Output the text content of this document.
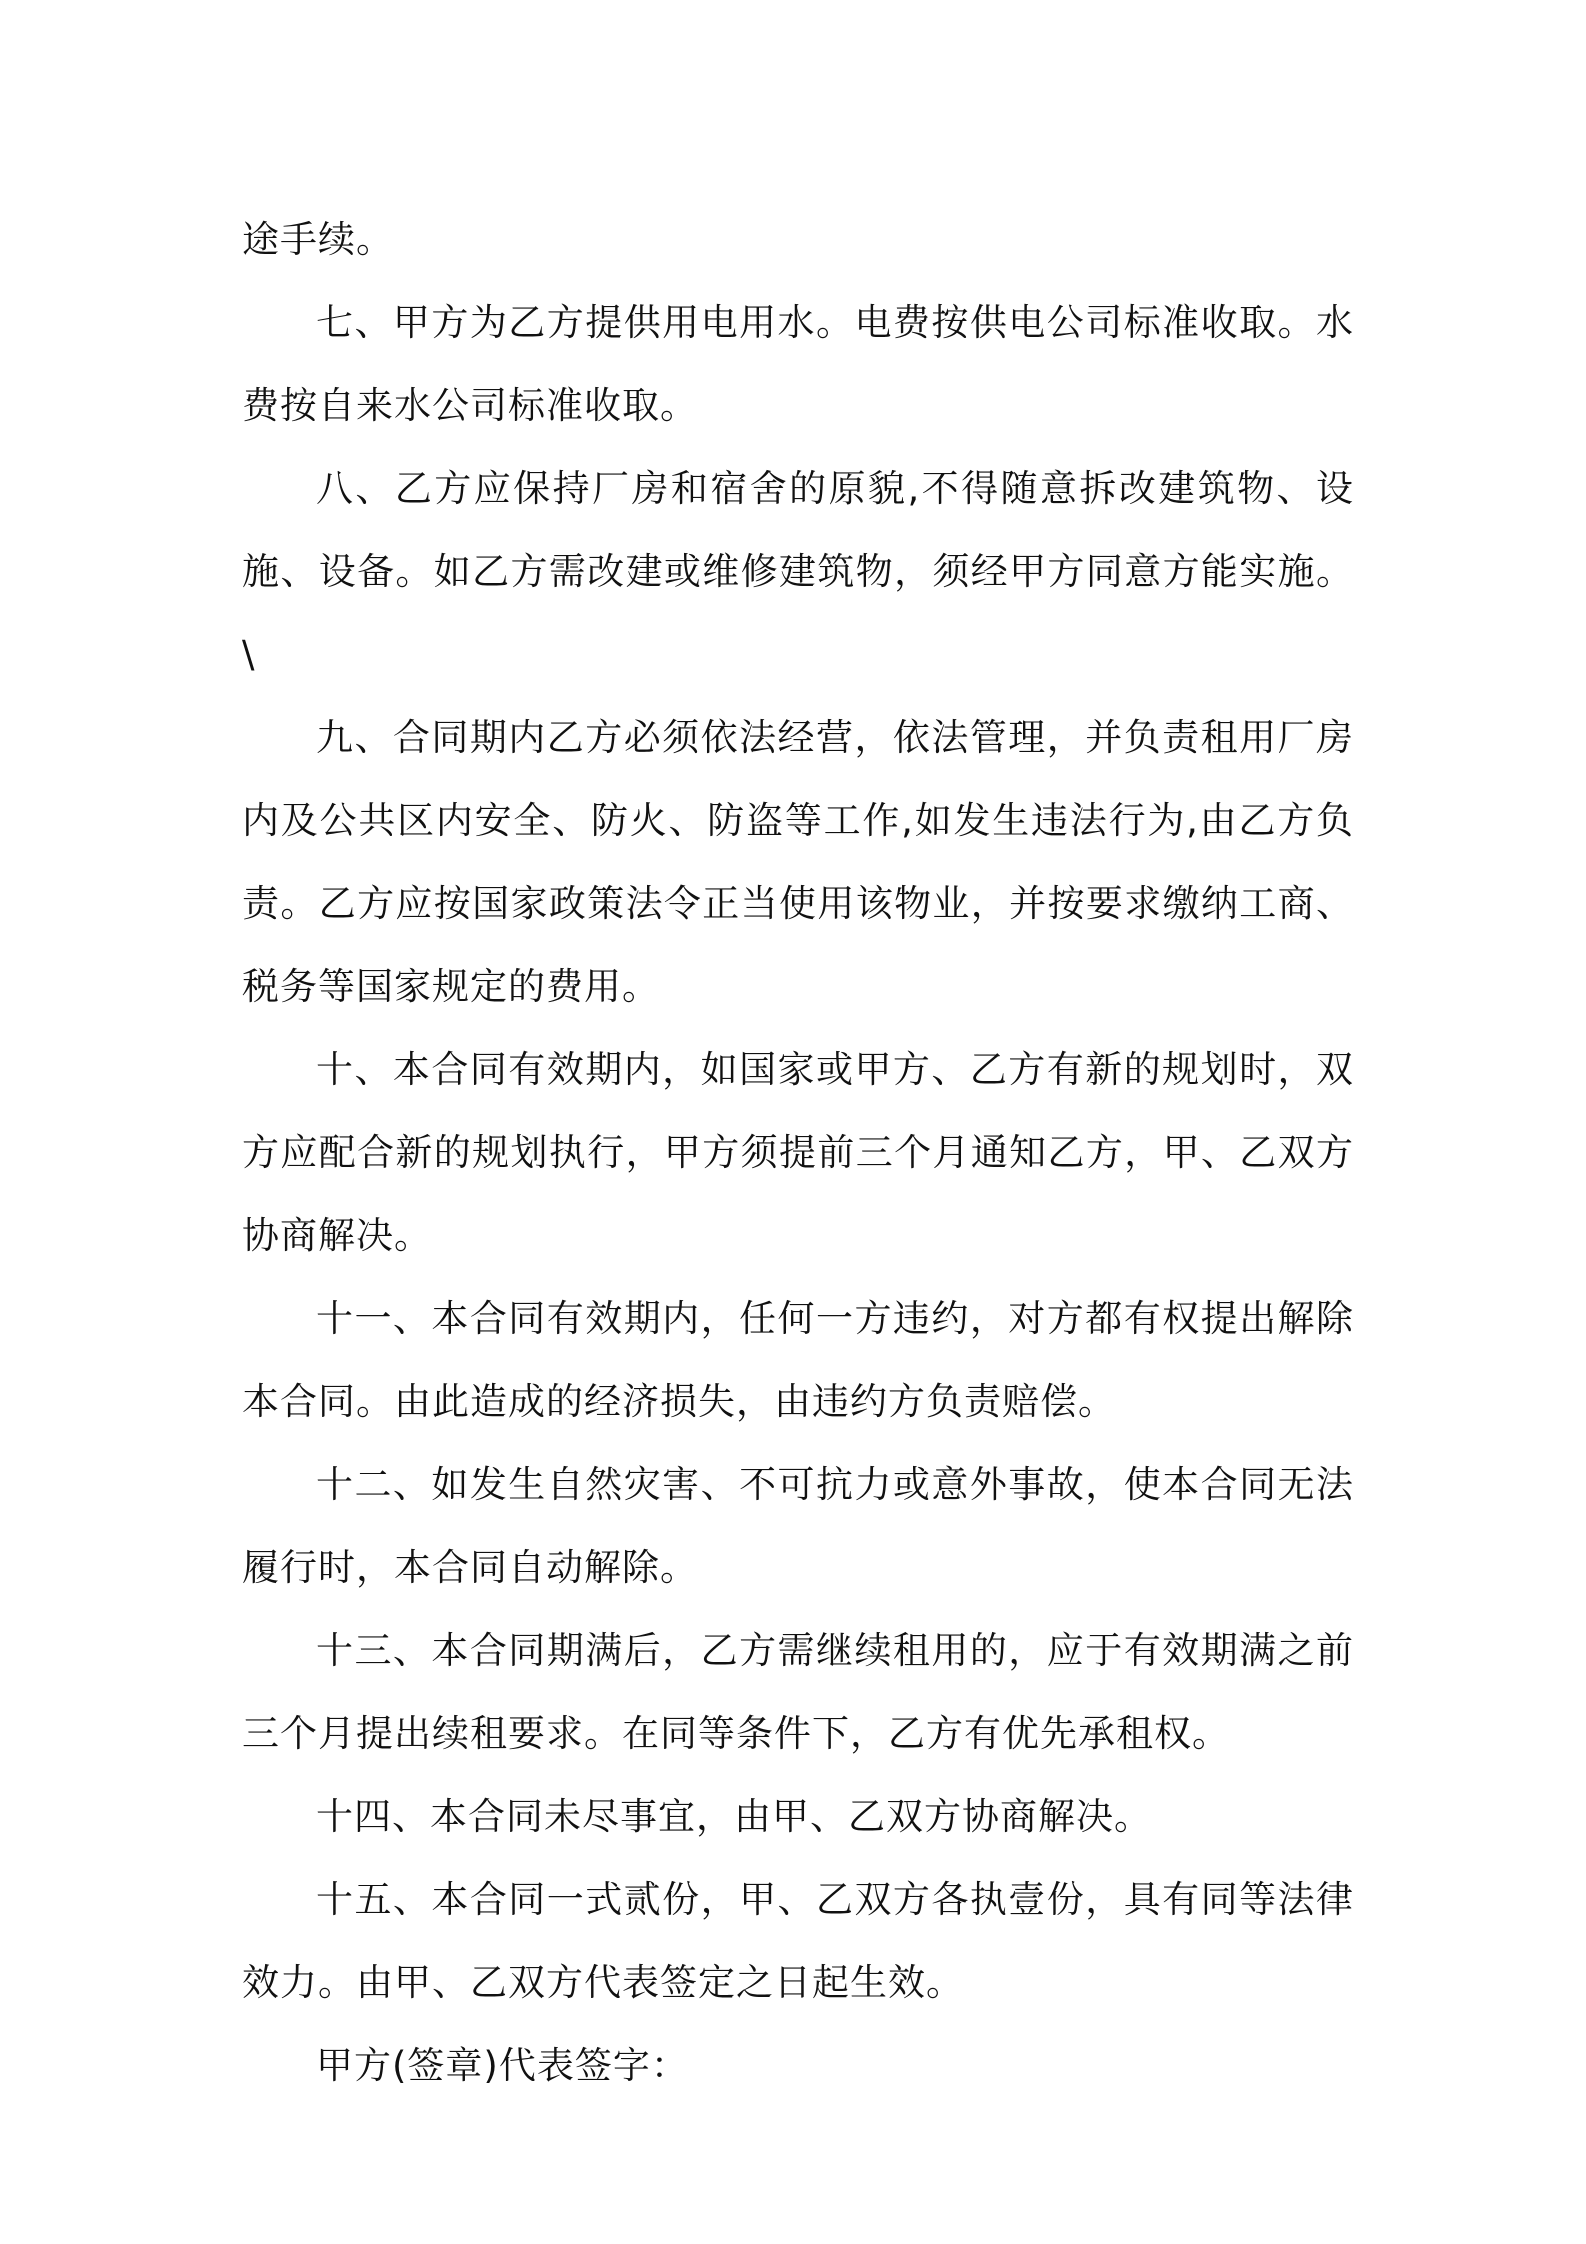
途手续。

七、甲方为乙方提供用电用水。电费按供电公司标准收取。水费按自来水公司标准收取。

八、乙方应保持厂房和宿舍的原貌,不得随意拆改建筑物、设施、设备。如乙方需改建或维修建筑物，须经甲方同意方能实施。\

九、合同期内乙方必须依法经营，依法管理，并负责租用厂房内及公共区内安全、防火、防盗等工作,如发生违法行为,由乙方负责。乙方应按国家政策法令正当使用该物业，并按要求缴纳工商、税务等国家规定的费用。

十、本合同有效期内，如国家或甲方、乙方有新的规划时，双方应配合新的规划执行，甲方须提前三个月通知乙方，甲、乙双方协商解决。

十一、本合同有效期内，任何一方违约，对方都有权提出解除本合同。由此造成的经济损失，由违约方负责赔偿。

十二、如发生自然灾害、不可抗力或意外事故，使本合同无法履行时，本合同自动解除。

十三、本合同期满后，乙方需继续租用的，应于有效期满之前三个月提出续租要求。在同等条件下，乙方有优先承租权。

十四、本合同未尽事宜，由甲、乙双方协商解决。

十五、本合同一式贰份，甲、乙双方各执壹份，具有同等法律效力。由甲、乙双方代表签定之日起生效。

甲方(签章)代表签字：
